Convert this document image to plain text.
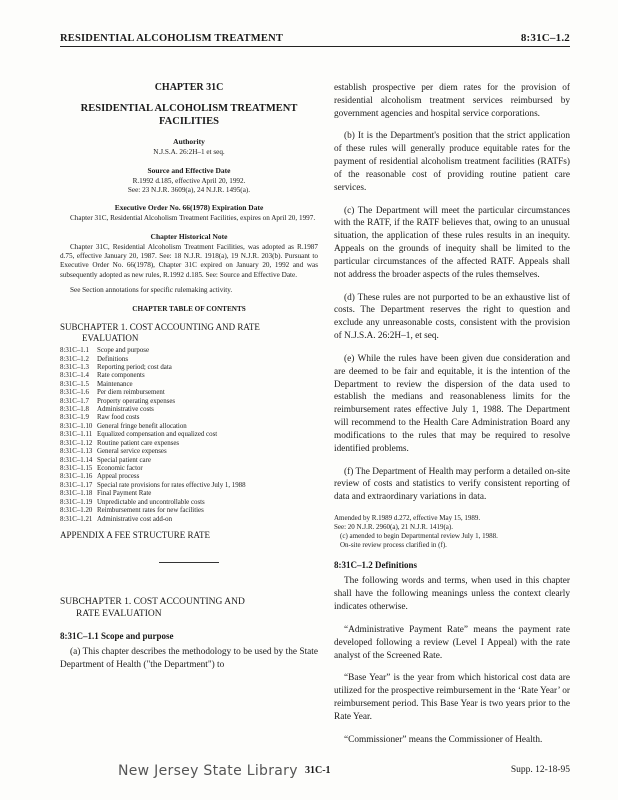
RESIDENTIAL ALCOHOLISM TREATMENT	8:31C–1.2
CHAPTER 31C
RESIDENTIAL ALCOHOLISM TREATMENT FACILITIES
Authority
N.J.S.A. 26:2H–1 et seq.
Source and Effective Date
R.1992 d.185, effective April 20, 1992.
See: 23 N.J.R. 3609(a), 24 N.J.R. 1495(a).
Executive Order No. 66(1978) Expiration Date

Chapter 31C, Residential Alcoholism Treatment Facilities, expires on April 20, 1997.

Chapter Historical Note

Chapter 31C, Residential Alcoholism Treatment Facilities, was adopted as R.1987 d.75, effective January 20, 1987. See: 18 N.J.R. 1918(a), 19 N.J.R. 203(b). Pursuant to Executive Order No. 66(1978), Chapter 31C expired on January 20, 1992 and was subsequently adopted as new rules, R.1992 d.185. See: Source and Effective Date.

See Section annotations for specific rulemaking activity.

CHAPTER TABLE OF CONTENTS
SUBCHAPTER 1. COST ACCOUNTING AND RATE
EVALUATION
8:31C–1.1	Scope and purpose
8:31C–1.2	Definitions
8:31C–1.3	Reporting period; cost data
8:31C–1.4	Rate components
8:31C–1.5	Maintenance
8:31C–1.6	Per diem reimbursement
8:31C–1.7	Property operating expenses
8:31C–1.8	Administrative costs
8:31C–1.9	Raw food costs
8:31C–1.10	General fringe benefit allocation
8:31C–1.11	Equalized compensation and equalized cost
8:31C–1.12	Routine patient care expenses
8:31C–1.13	General service expenses
8:31C–1.14	Special patient care
8:31C–1.15	Economic factor
8:31C–1.16	Appeal process
8:31C–1.17	Special rate provisions for rates effective July 1, 1988
8:31C–1.18	Final Payment Rate
8:31C–1.19	Unpredictable and uncontrollable costs
8:31C–1.20	Reimbursement rates for new facilities
8:31C–1.21	Administrative cost add-on
APPENDIX A FEE STRUCTURE RATE
SUBCHAPTER 1. COST ACCOUNTING AND
RATE EVALUATION
8:31C–1.1 Scope and purpose

(a) This chapter describes the methodology to be used by the State Department of Health ("the Department") to

establish prospective per diem rates for the provision of residential alcoholism treatment services reimbursed by government agencies and hospital service corporations.

(b) It is the Department's position that the strict application of these rules will generally produce equitable rates for the payment of residential alcoholism treatment facilities (RATFs) of the reasonable cost of providing routine patient care services.

(c) The Department will meet the particular circumstances with the RATF, if the RATF believes that, owing to an unusual situation, the application of these rules results in an inequity. Appeals on the grounds of inequity shall be limited to the particular circumstances of the affected RATF. Appeals shall not address the broader aspects of the rules themselves.

(d) These rules are not purported to be an exhaustive list of costs. The Department reserves the right to question and exclude any unreasonable costs, consistent with the provision of N.J.S.A. 26:2H–1, et seq.

(e) While the rules have been given due consideration and are deemed to be fair and equitable, it is the intention of the Department to review the dispersion of the data used to establish the medians and reasonableness limits for the reimbursement rates effective July 1, 1988. The Department will recommend to the Health Care Administration Board any modifications to the rules that may be required to resolve identified problems.

(f) The Department of Health may perform a detailed on-site review of costs and statistics to verify consistent reporting of data and extraordinary variations in data.

Amended by R.1989 d.272, effective May 15, 1989.
See: 20 N.J.R. 2960(a), 21 N.J.R. 1419(a).
(c) amended to begin Departmental review July 1, 1988.
On-site review process clarified in (f).
8:31C–1.2 Definitions

The following words and terms, when used in this chapter shall have the following meanings unless the context clearly indicates otherwise.

“Administrative Payment Rate” means the payment rate developed following a review (Level I Appeal) with the rate analyst of the Screened Rate.

“Base Year” is the year from which historical cost data are utilized for the prospective reimbursement in the ‘Rate Year’ or reimbursement period. This Base Year is two years prior to the Rate Year.

“Commissioner” means the Commissioner of Health.

New Jersey State Library 31C-1	Supp. 12-18-95
